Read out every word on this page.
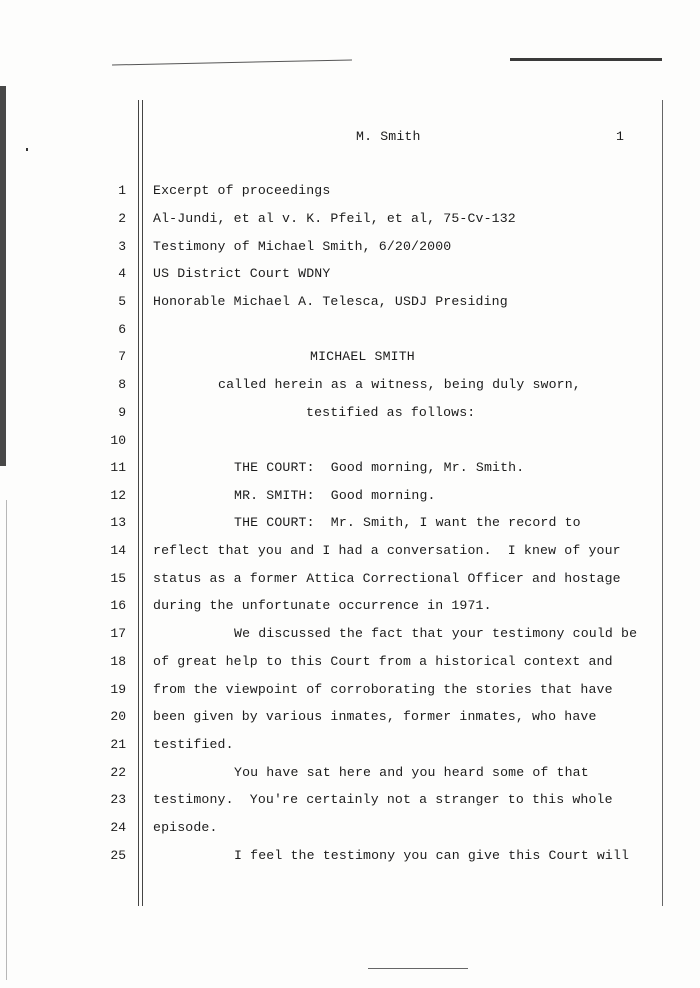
M. Smith	1
1
2
3
4
5
6
7
8
9
10
11
12
13
14
15
16
17
18
19
20
21
22
23
24
25
Excerpt of proceedings
Al-Jundi, et al v. K. Pfeil, et al, 75-Cv-132
Testimony of Michael Smith, 6/20/2000
US District Court WDNY
Honorable Michael A. Telesca, USDJ Presiding
MICHAEL SMITH
called herein as a witness, being duly sworn,
testified as follows:
THE COURT:  Good morning, Mr. Smith.
MR. SMITH:  Good morning.
THE COURT:  Mr. Smith, I want the record to
reflect that you and I had a conversation.  I knew of your
status as a former Attica Correctional Officer and hostage
during the unfortunate occurrence in 1971.
We discussed the fact that your testimony could be
of great help to this Court from a historical context and
from the viewpoint of corroborating the stories that have
been given by various inmates, former inmates, who have
testified.
You have sat here and you heard some of that
testimony.  You're certainly not a stranger to this whole
episode.
I feel the testimony you can give this Court will
